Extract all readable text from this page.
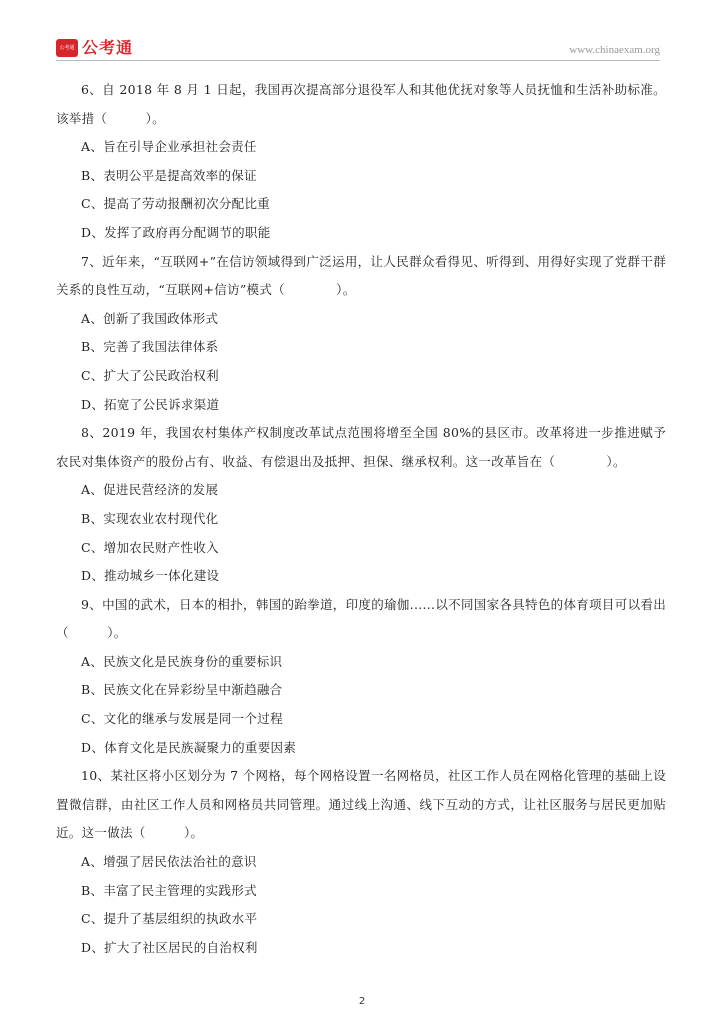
公考通 公考通	www.chinaexam.org

6、自 2018 年 8 月 1 日起，我国再次提高部分退役军人和其他优抚对象等人员抚恤和生活补助标准。该举措（　　　）。

A、旨在引导企业承担社会责任

B、表明公平是提高效率的保证

C、提高了劳动报酬初次分配比重

D、发挥了政府再分配调节的职能

7、近年来，“互联网+”在信访领域得到广泛运用，让人民群众看得见、听得到、用得好实现了党群干群关系的良性互动，“互联网+信访”模式（　　　　）。

A、创新了我国政体形式

B、完善了我国法律体系

C、扩大了公民政治权利

D、拓宽了公民诉求渠道

8、2019 年，我国农村集体产权制度改革试点范围将增至全国 80%的县区市。改革将进一步推进赋予农民对集体资产的股份占有、收益、有偿退出及抵押、担保、继承权利。这一改革旨在（　　　　）。

A、促进民营经济的发展

B、实现农业农村现代化

C、增加农民财产性收入

D、推动城乡一体化建设

9、中国的武术，日本的相扑，韩国的跆拳道，印度的瑜伽......以不同国家各具特色的体育项目可以看出（　　　）。

A、民族文化是民族身份的重要标识

B、民族文化在异彩纷呈中渐趋融合

C、文化的继承与发展是同一个过程

D、体育文化是民族凝聚力的重要因素

10、某社区将小区划分为 7 个网格，每个网格设置一名网格员，社区工作人员在网格化管理的基础上设置微信群，由社区工作人员和网格员共同管理。通过线上沟通、线下互动的方式，让社区服务与居民更加贴近。这一做法（　　　）。

A、增强了居民依法治社的意识

B、丰富了民主管理的实践形式

C、提升了基层组织的执政水平

D、扩大了社区居民的自治权利

2
